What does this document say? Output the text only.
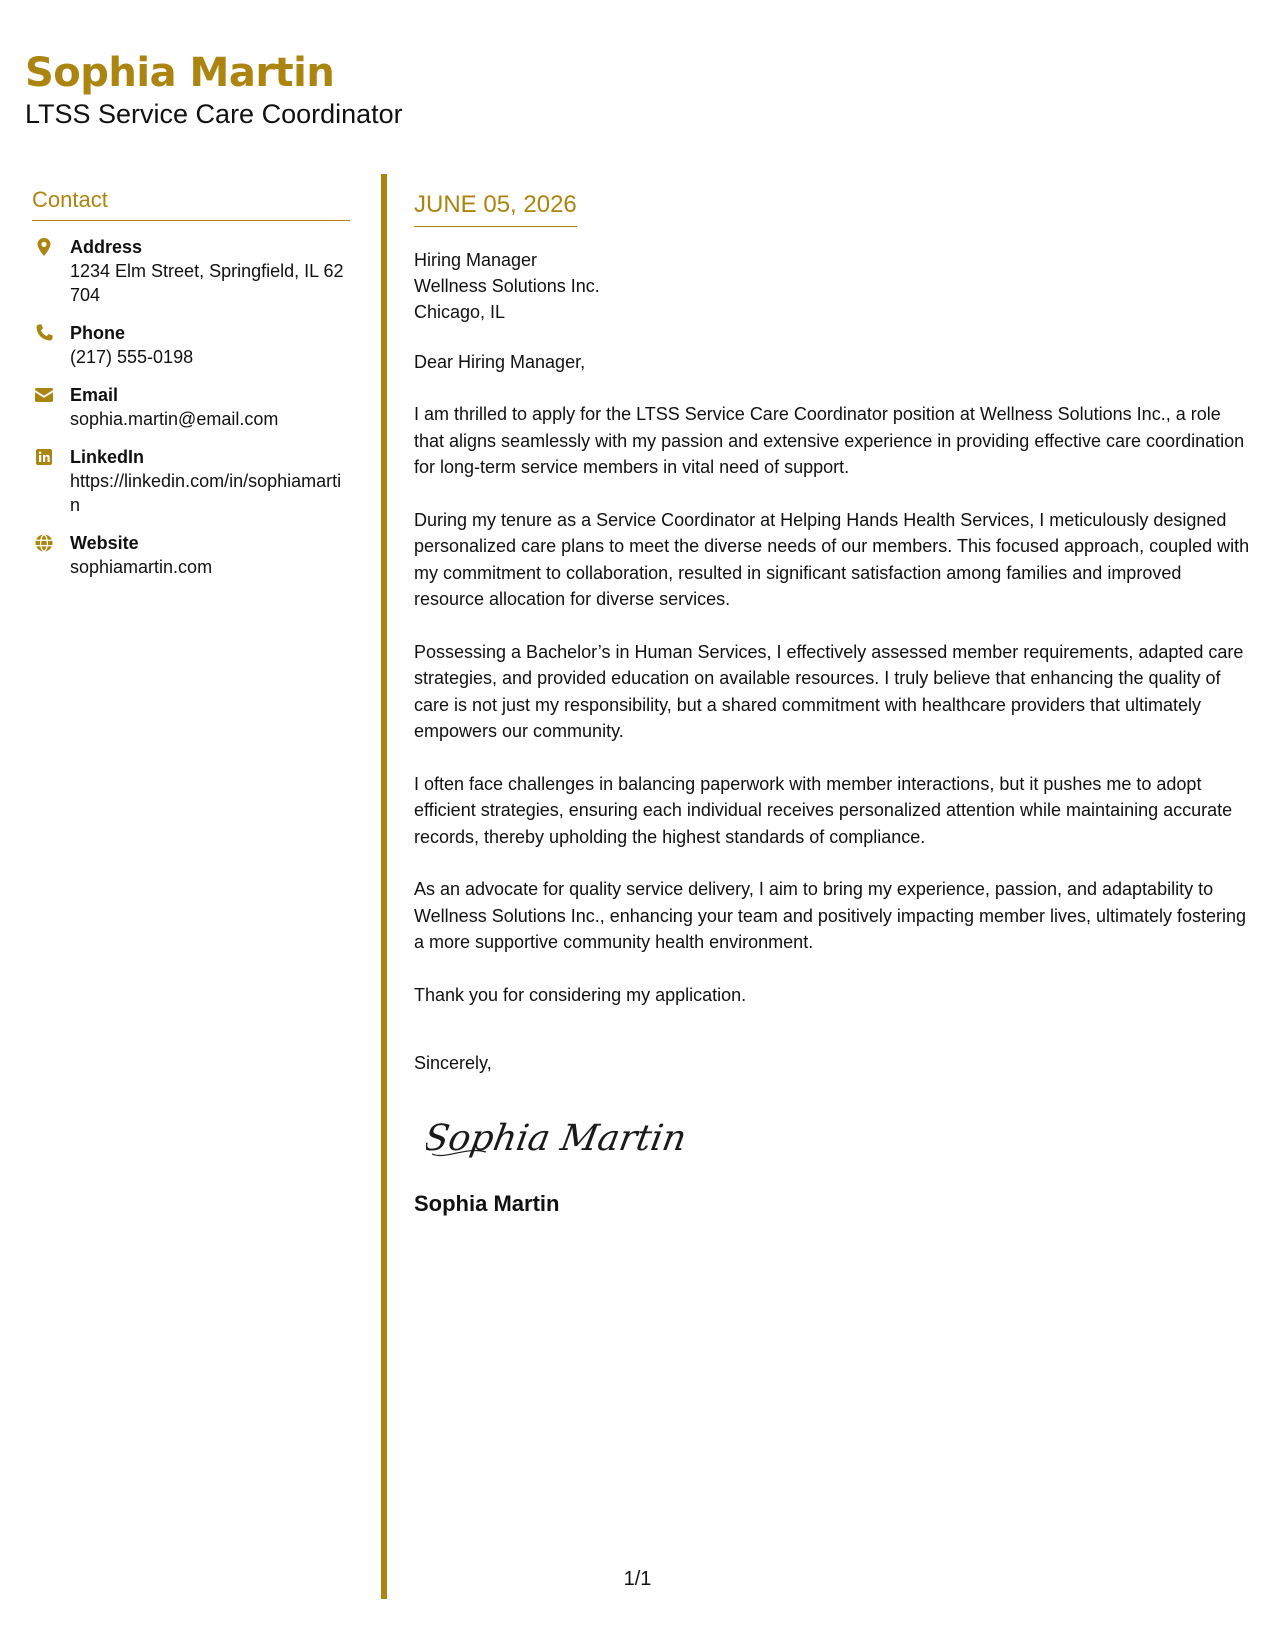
Sophia Martin
LTSS Service Care Coordinator
Contact
Address
1234 Elm Street, Springfield, IL 62704
Phone
(217) 555-0198
Email
sophia.martin@email.com
LinkedIn
https://linkedin.com/in/sophiamartin
Website
sophiamartin.com
JUNE 05, 2026
Hiring Manager
Wellness Solutions Inc.
Chicago, IL
Dear Hiring Manager,
I am thrilled to apply for the LTSS Service Care Coordinator position at Wellness Solutions Inc., a role that aligns seamlessly with my passion and extensive experience in providing effective care coordination for long-term service members in vital need of support.
During my tenure as a Service Coordinator at Helping Hands Health Services, I meticulously designed personalized care plans to meet the diverse needs of our members. This focused approach, coupled with my commitment to collaboration, resulted in significant satisfaction among families and improved resource allocation for diverse services.
Possessing a Bachelor’s in Human Services, I effectively assessed member requirements, adapted care strategies, and provided education on available resources. I truly believe that enhancing the quality of care is not just my responsibility, but a shared commitment with healthcare providers that ultimately empowers our community.
I often face challenges in balancing paperwork with member interactions, but it pushes me to adopt efficient strategies, ensuring each individual receives personalized attention while maintaining accurate records, thereby upholding the highest standards of compliance.
As an advocate for quality service delivery, I aim to bring my experience, passion, and adaptability to Wellness Solutions Inc., enhancing your team and positively impacting member lives, ultimately fostering a more supportive community health environment.
Thank you for considering my application.
Sincerely,
Sophia Martin
Sophia Martin
1/1
